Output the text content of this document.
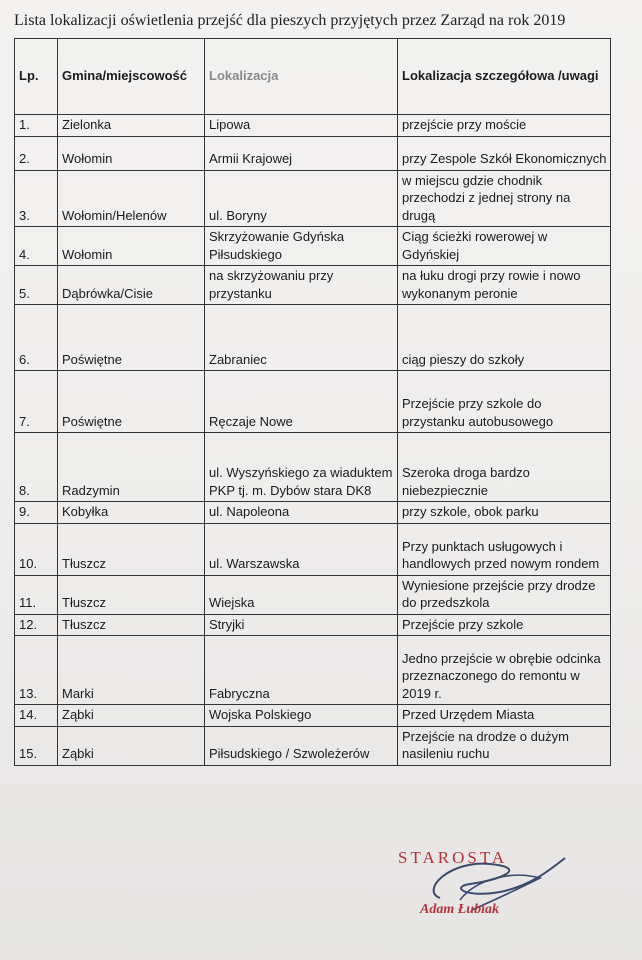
Lista lokalizacji oświetlenia przejść dla pieszych przyjętych przez Zarząd na rok 2019
Lp.	Gmina/miejscowość	Lokalizacja	Lokalizacja szczegółowa /uwagi
1.	Zielonka	Lipowa	przejście przy moście
2.	Wołomin	Armii Krajowej	przy Zespole Szkół Ekonomicznych
3.	Wołomin/Helenów	ul. Boryny	w miejscu gdzie chodnik przechodzi z jednej strony na drugą
4.	Wołomin	Skrzyżowanie Gdyńska Piłsudskiego	Ciąg ścieżki rowerowej w Gdyńskiej
5.	Dąbrówka/Cisie	na skrzyżowaniu przy przystanku	na łuku drogi przy rowie i nowo wykonanym peronie
6.	Poświętne	Zabraniec	ciąg pieszy do szkoły
7.	Poświętne	Ręczaje Nowe	Przejście przy szkole do przystanku autobusowego
8.	Radzymin	ul. Wyszyńskiego za wiaduktem PKP tj. m. Dybów stara DK8	Szeroka droga bardzo niebezpiecznie
9.	Kobyłka	ul. Napoleona	przy szkole, obok parku
10.	Tłuszcz	ul. Warszawska	Przy punktach usługowych i handlowych przed nowym rondem
11.	Tłuszcz	Wiejska	Wyniesione przejście przy drodze do przedszkola
12.	Tłuszcz	Stryjki	Przejście przy szkole
13.	Marki	Fabryczna	Jedno przejście w obrębie odcinka przeznaczonego do remontu w 2019 r.
14.	Ząbki	Wojska Polskiego	Przed Urzędem Miasta
15.	Ząbki	Piłsudskiego / Szwoleżerów	Przejście na drodze o dużym nasileniu ruchu
STAROSTA
Adam Łubiak
